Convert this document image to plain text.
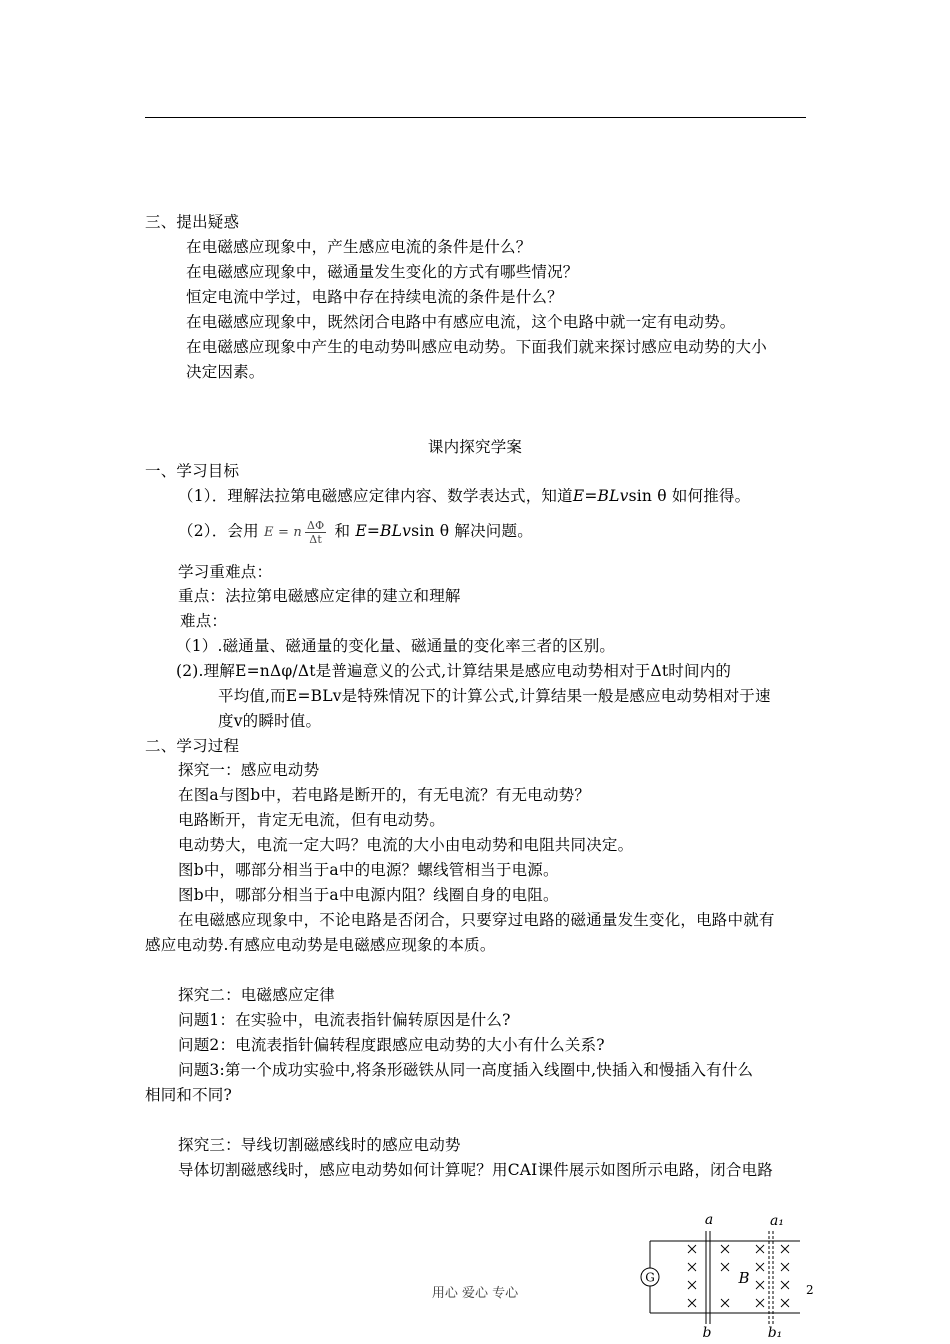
三、提出疑惑
在电磁感应现象中，产生感应电流的条件是什么？
在电磁感应现象中，磁通量发生变化的方式有哪些情况？
恒定电流中学过，电路中存在持续电流的条件是什么？
在电磁感应现象中，既然闭合电路中有感应电流，这个电路中就一定有电动势。
在电磁感应现象中产生的电动势叫感应电动势。下面我们就来探讨感应电动势的大小
决定因素。
课内探究学案
一、学习目标
（1）．理解法拉第电磁感应定律内容、数学表达式，知道E=BLvsin θ 如何推得。
（2）．会用 E = n $\frac{\Delta\Phi}{\Delta t}$ 和 E=BLvsin θ 解决问题。
学习重难点：
重点：法拉第电磁感应定律的建立和理解
难点：
（1）.磁通量、磁通量的变化量、磁通量的变化率三者的区别。
(2).理解E=nΔφ/Δt是普遍意义的公式,计算结果是感应电动势相对于Δt时间内的
平均值,而E=BLv是特殊情况下的计算公式,计算结果一般是感应电动势相对于速
度v的瞬时值。
二、学习过程
探究一：感应电动势
在图a与图b中，若电路是断开的，有无电流？有无电动势？
电路断开，肯定无电流，但有电动势。
电动势大，电流一定大吗？电流的大小由电动势和电阻共同决定。
图b中，哪部分相当于a中的电源？螺线管相当于电源。
图b中，哪部分相当于a中电源内阻？线圈自身的电阻。
在电磁感应现象中，不论电路是否闭合，只要穿过电路的磁通量发生变化，电路中就有
感应电动势.有感应电动势是电磁感应现象的本质。
探究二：电磁感应定律
问题1：在实验中，电流表指针偏转原因是什么?
问题2：电流表指针偏转程度跟感应电动势的大小有什么关系?
问题3:第一个成功实验中,将条形磁铁从同一高度插入线圈中,快插入和慢插入有什么
相同和不同?
探究三：导线切割磁感线时的感应电动势
导体切割磁感线时，感应电动势如何计算呢？用CAI课件展示如图所示电路，闭合电路
G
a	a₁
b	b₁
B
2
用心 爱心 专心
